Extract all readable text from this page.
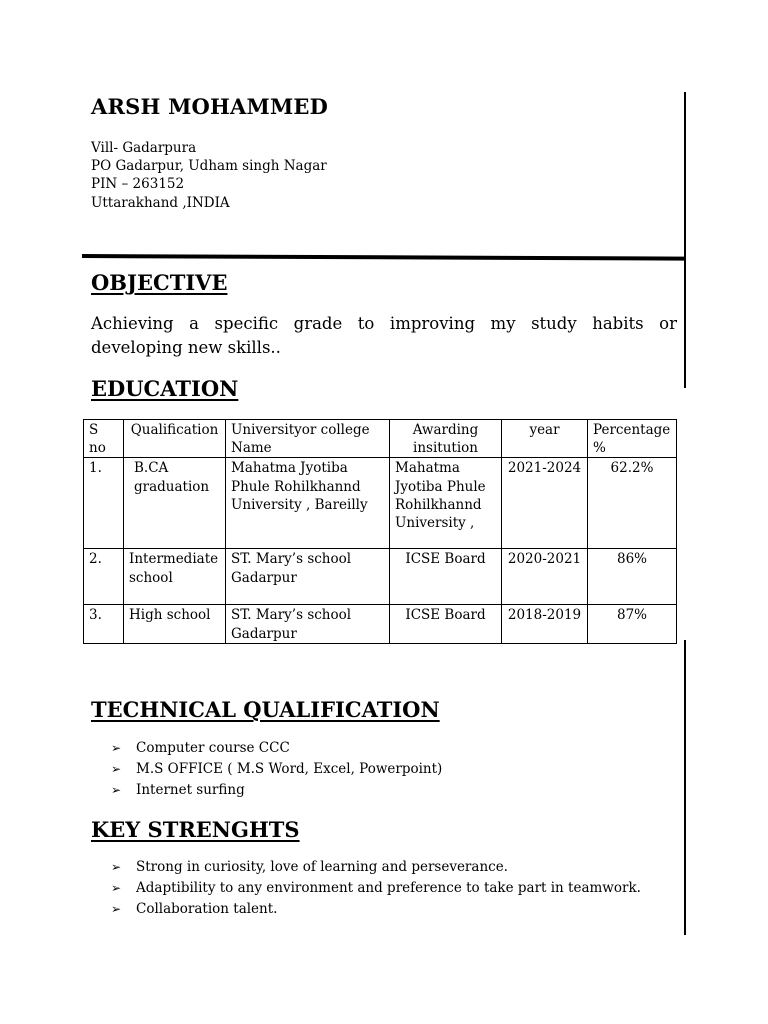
ARSH MOHAMMED
Vill- Gadarpura
PO Gadarpur, Udham singh Nagar
PIN – 263152
Uttarakhand ,INDIA
OBJECTIVE
Achieving a specific grade to improving my study habits or developing new skills..
EDUCATION
S no	Qualification	Universityor college Name	Awarding insitution	year	Percentage %
1.	B.CA graduation	Mahatma Jyotiba Phule Rohilkhannd University , Bareilly	Mahatma Jyotiba Phule Rohilkhannd University ,	2021-2024	62.2%
2.	Intermediate school	ST. Mary’s school Gadarpur	ICSE Board	2020-2021	86%
3.	High school	ST. Mary’s school Gadarpur	ICSE Board	2018-2019	87%
TECHNICAL QUALIFICATION
➢ Computer course CCC
➢ M.S OFFICE ( M.S Word, Excel, Powerpoint)
➢ Internet surfing
KEY STRENGHTS
➢ Strong in curiosity, love of learning and perseverance.
➢ Adaptibility to any environment and preference to take part in teamwork.
➢ Collaboration talent.
